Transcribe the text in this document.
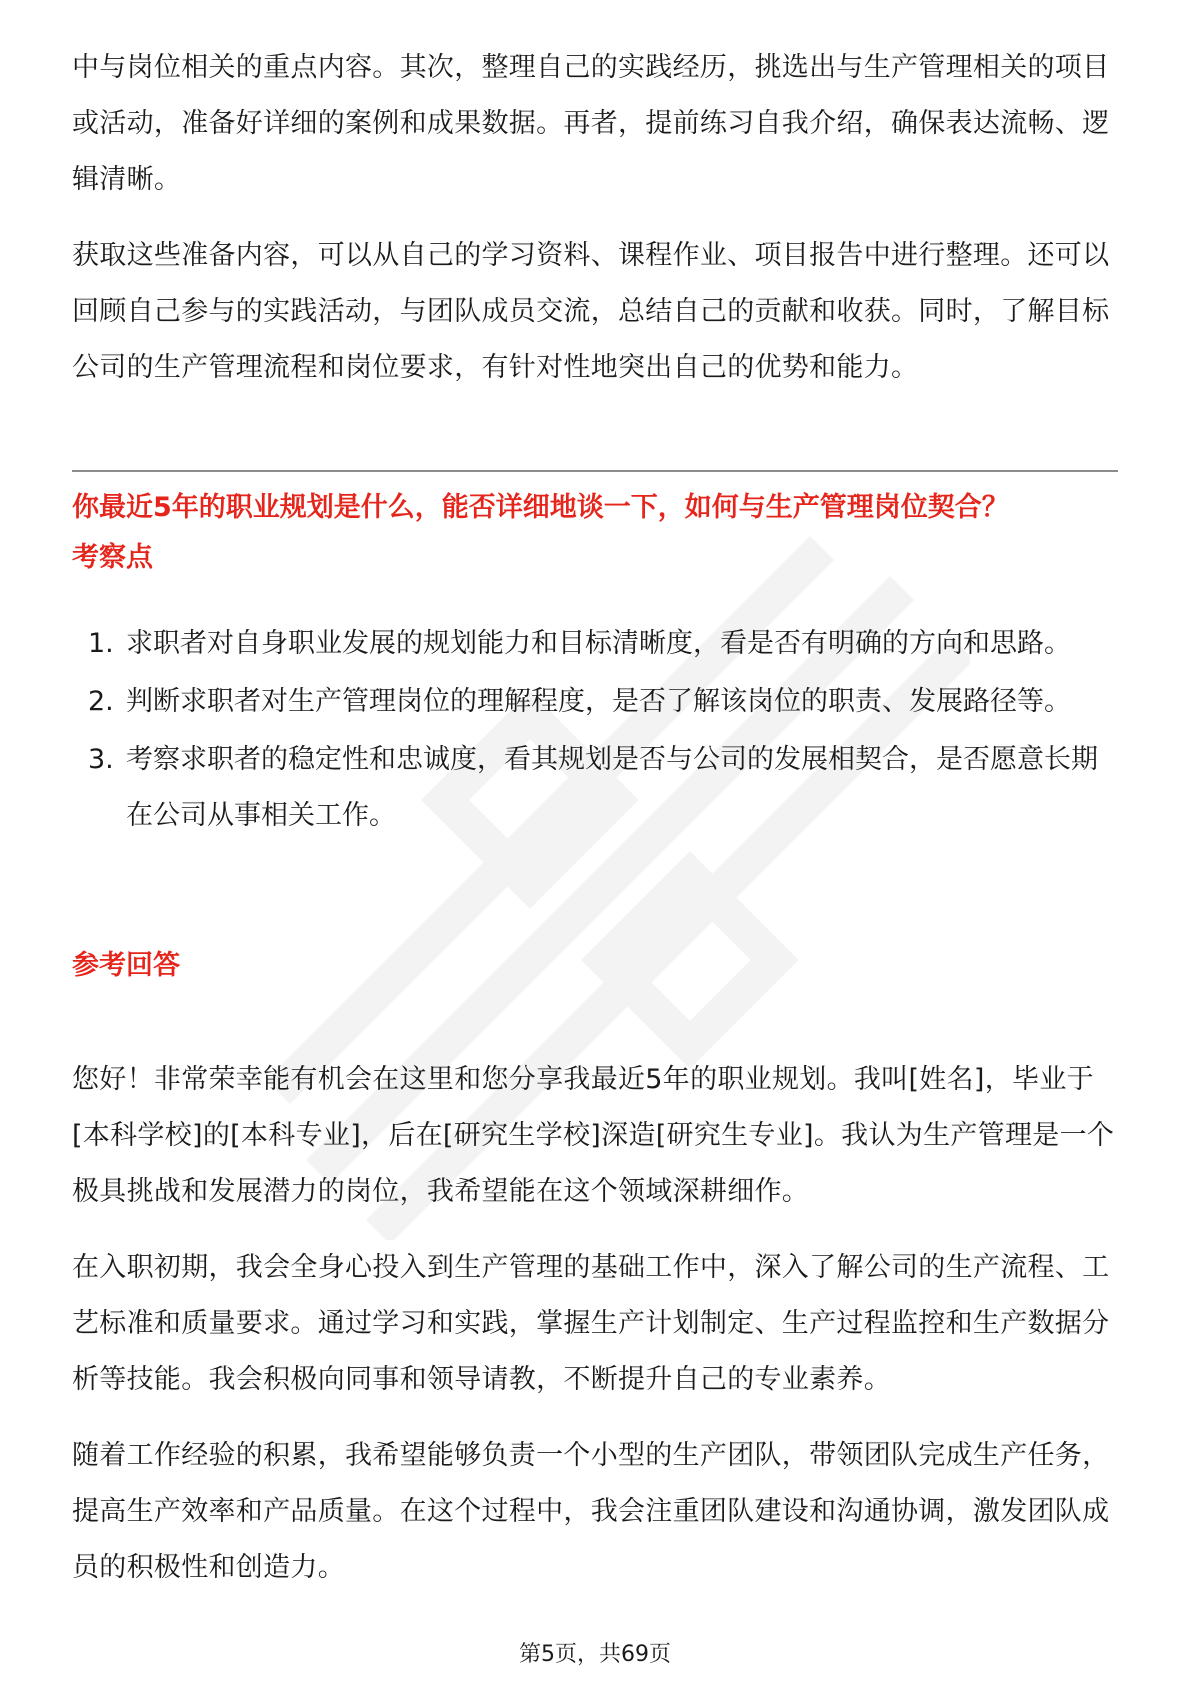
中与岗位相关的重点内容。其次，整理自己的实践经历，挑选出与生产管理相关的项目或活动，准备好详细的案例和成果数据。再者，提前练习自我介绍，确保表达流畅、逻辑清晰。

获取这些准备内容，可以从自己的学习资料、课程作业、项目报告中进行整理。还可以回顾自己参与的实践活动，与团队成员交流，总结自己的贡献和收获。同时，了解目标公司的生产管理流程和岗位要求，有针对性地突出自己的优势和能力。

你最近5年的职业规划是什么，能否详细地谈一下，如何与生产管理岗位契合？

考察点

1. 求职者对自身职业发展的规划能力和目标清晰度，看是否有明确的方向和思路。
2. 判断求职者对生产管理岗位的理解程度，是否了解该岗位的职责、发展路径等。
3. 考察求职者的稳定性和忠诚度，看其规划是否与公司的发展相契合，是否愿意长期在公司从事相关工作。

参考回答

您好！非常荣幸能有机会在这里和您分享我最近5年的职业规划。我叫[姓名]，毕业于[本科学校]的[本科专业]，后在[研究生学校]深造[研究生专业]。我认为生产管理是一个极具挑战和发展潜力的岗位，我希望能在这个领域深耕细作。

在入职初期，我会全身心投入到生产管理的基础工作中，深入了解公司的生产流程、工艺标准和质量要求。通过学习和实践，掌握生产计划制定、生产过程监控和生产数据分析等技能。我会积极向同事和领导请教，不断提升自己的专业素养。

随着工作经验的积累，我希望能够负责一个小型的生产团队，带领团队完成生产任务，提高生产效率和产品质量。在这个过程中，我会注重团队建设和沟通协调，激发团队成员的积极性和创造力。

第5页，共69页
